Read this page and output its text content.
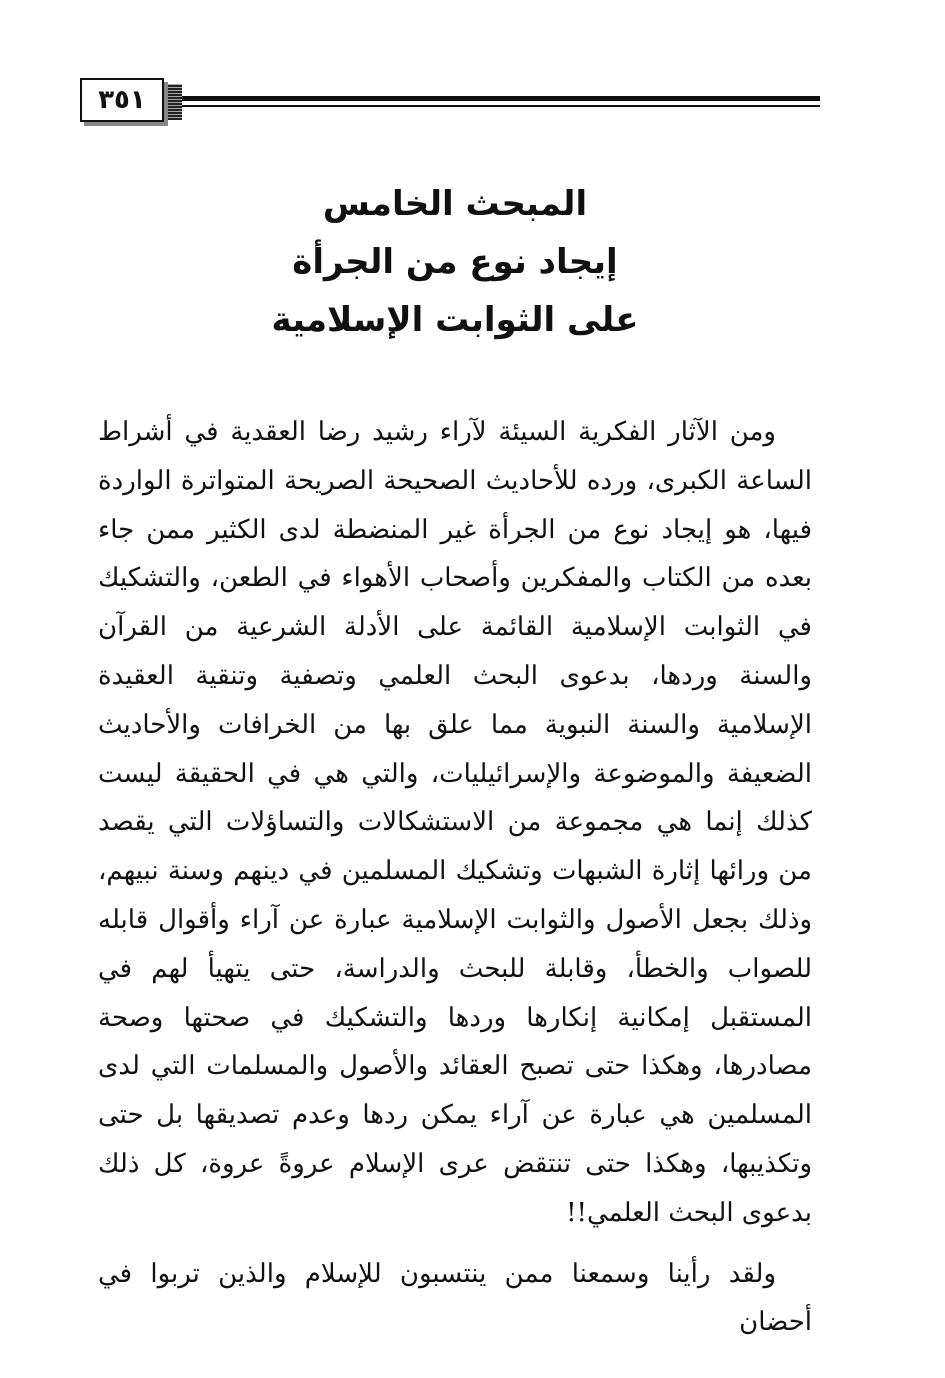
٣٥١
المبحث الخامس
إيجاد نوع من الجرأة
على الثوابت الإسلامية

ومن الآثار الفكرية السيئة لآراء رشيد رضا العقدية في أشراط الساعة الكبرى، ورده للأحاديث الصحيحة الصريحة المتواترة الواردة فيها، هو إيجاد نوع من الجرأة غير المنضطة لدى الكثير ممن جاء بعده من الكتاب والمفكرين وأصحاب الأهواء في الطعن، والتشكيك في الثوابت الإسلامية القائمة على الأدلة الشرعية من القرآن والسنة وردها، بدعوى البحث العلمي وتصفية وتنقية العقيدة الإسلامية والسنة النبوية مما علق بها من الخرافات والأحاديث الضعيفة والموضوعة والإسرائيليات، والتي هي في الحقيقة ليست كذلك إنما هي مجموعة من الاستشكالات والتساؤلات التي يقصد من ورائها إثارة الشبهات وتشكيك المسلمين في دينهم وسنة نبيهم، وذلك بجعل الأصول والثوابت الإسلامية عبارة عن آراء وأقوال قابله للصواب والخطأ، وقابلة للبحث والدراسة، حتى يتهيأ لهم في المستقبل إمكانية إنكارها وردها والتشكيك في صحتها وصحة مصادرها، وهكذا حتى تصبح العقائد والأصول والمسلمات التي لدى المسلمين هي عبارة عن آراء يمكن ردها وعدم تصديقها بل حتى وتكذيبها، وهكذا حتى تنتقض عرى الإسلام عروةً عروة، كل ذلك بدعوى البحث العلمي!!

ولقد رأينا وسمعنا ممن ينتسبون للإسلام والذين تربوا في أحضان
